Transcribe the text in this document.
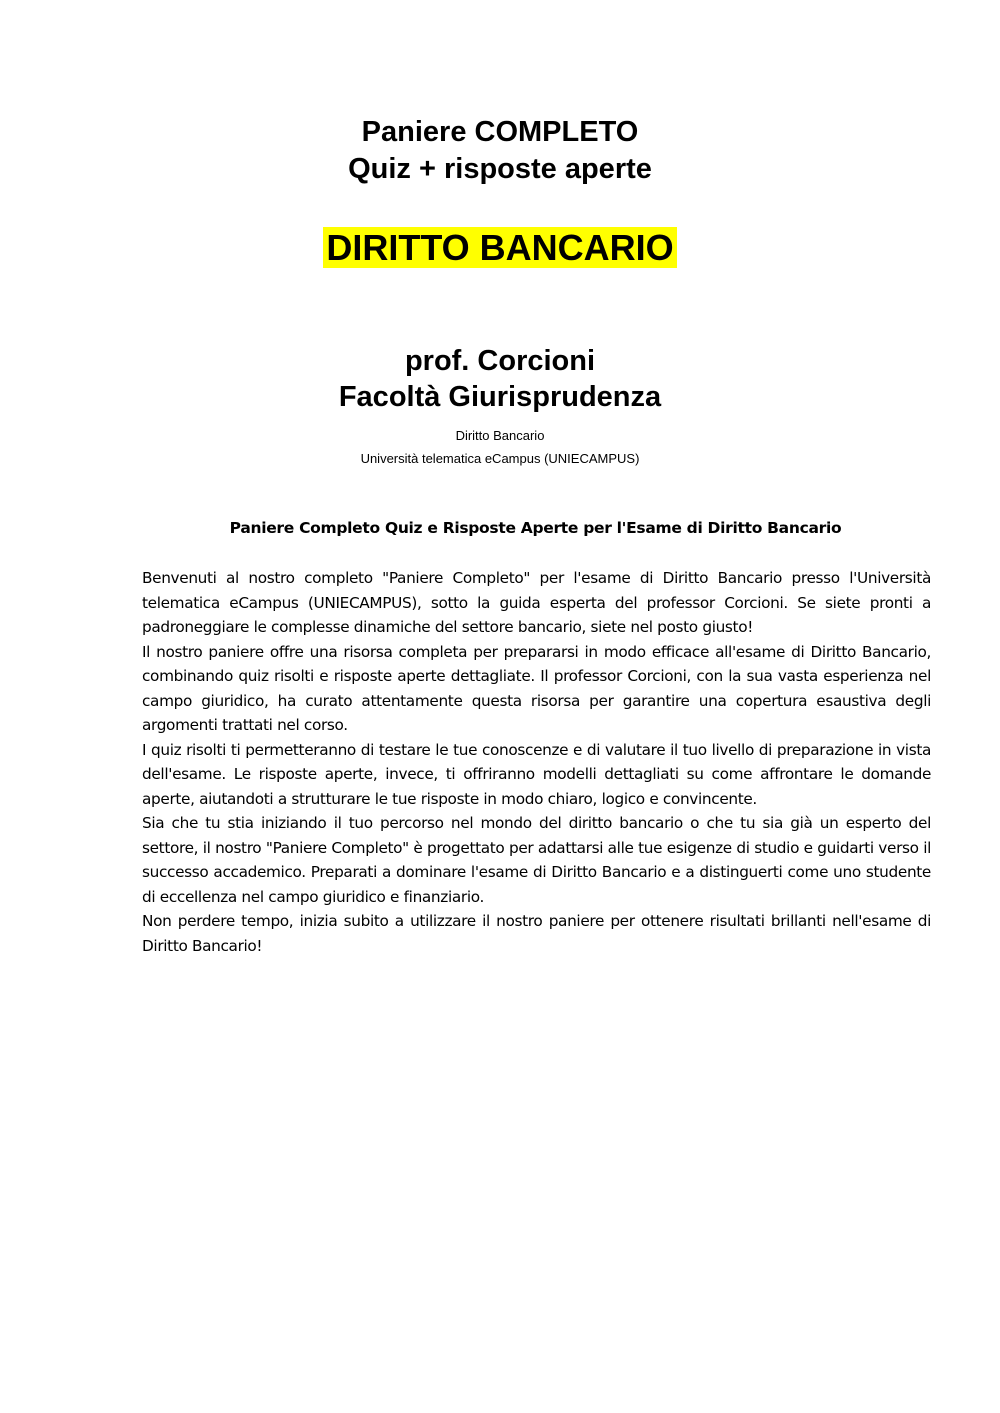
Paniere COMPLETO

Quiz + risposte aperte

DIRITTO BANCARIO

prof. Corcioni

Facoltà Giurisprudenza

Diritto Bancario
Università telematica eCampus (UNIECAMPUS)
Paniere Completo Quiz e Risposte Aperte per l'Esame di Diritto Bancario

Benvenuti al nostro completo "Paniere Completo" per l'esame di Diritto Bancario presso l'Università telematica eCampus (UNIECAMPUS), sotto la guida esperta del professor Corcioni. Se siete pronti a padroneggiare le complesse dinamiche del settore bancario, siete nel posto giusto!

Il nostro paniere offre una risorsa completa per prepararsi in modo efficace all'esame di Diritto Bancario, combinando quiz risolti e risposte aperte dettagliate. Il professor Corcioni, con la sua vasta esperienza nel campo giuridico, ha curato attentamente questa risorsa per garantire una copertura esaustiva degli argomenti trattati nel corso.

I quiz risolti ti permetteranno di testare le tue conoscenze e di valutare il tuo livello di preparazione in vista dell'esame. Le risposte aperte, invece, ti offriranno modelli dettagliati su come affrontare le domande aperte, aiutandoti a strutturare le tue risposte in modo chiaro, logico e convincente.

Sia che tu stia iniziando il tuo percorso nel mondo del diritto bancario o che tu sia già un esperto del settore, il nostro "Paniere Completo" è progettato per adattarsi alle tue esigenze di studio e guidarti verso il successo accademico. Preparati a dominare l'esame di Diritto Bancario e a distinguerti come uno studente di eccellenza nel campo giuridico e finanziario.

Non perdere tempo, inizia subito a utilizzare il nostro paniere per ottenere risultati brillanti nell'esame di Diritto Bancario!
